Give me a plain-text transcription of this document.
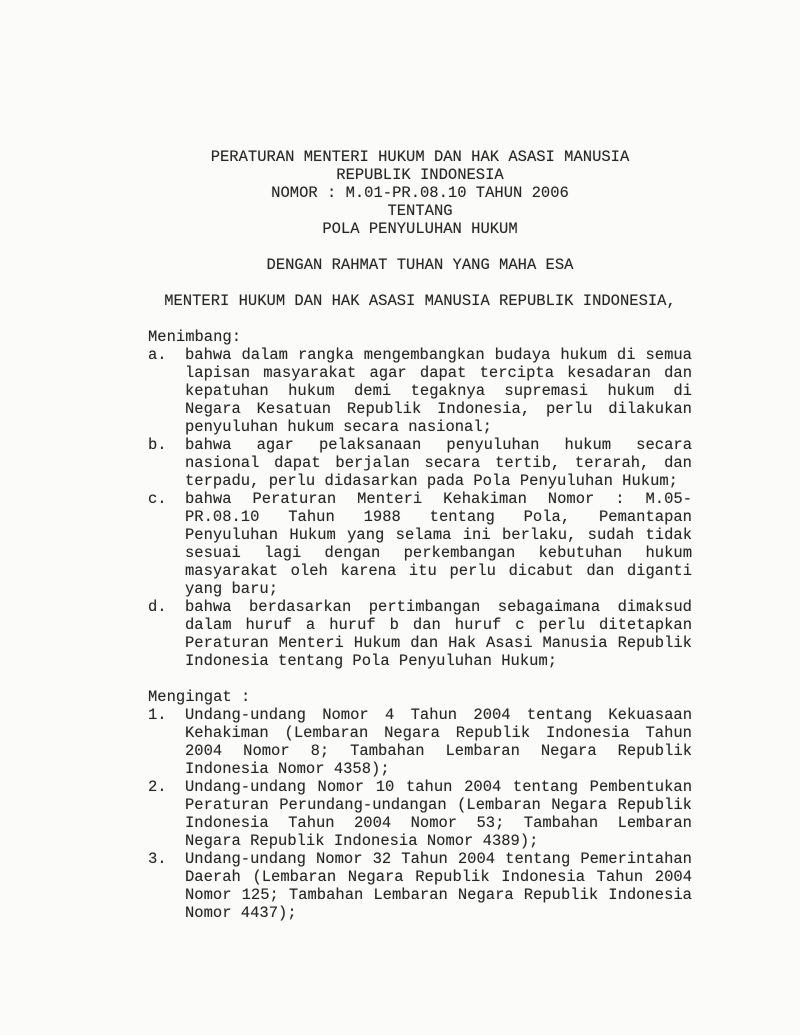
PERATURAN MENTERI HUKUM DAN HAK ASASI MANUSIA
REPUBLIK INDONESIA
NOMOR : M.01-PR.08.10 TAHUN 2006
TENTANG
POLA PENYULUHAN HUKUM
DENGAN RAHMAT TUHAN YANG MAHA ESA
MENTERI HUKUM DAN HAK ASASI MANUSIA REPUBLIK INDONESIA,
Menimbang:
a.	bahwa dalam rangka mengembangkan budaya hukum di semua lapisan masyarakat agar dapat tercipta kesadaran dan kepatuhan hukum demi tegaknya supremasi hukum di Negara Kesatuan Republik Indonesia, perlu dilakukan penyuluhan hukum secara nasional;
b.	bahwa agar pelaksanaan penyuluhan hukum secara nasional dapat berjalan secara tertib, terarah, dan terpadu, perlu didasarkan pada Pola Penyuluhan Hukum;
c.	bahwa Peraturan Menteri Kehakiman Nomor : M.05-PR.08.10 Tahun 1988 tentang Pola, Pemantapan Penyuluhan Hukum yang selama ini berlaku, sudah tidak sesuai lagi dengan perkembangan kebutuhan hukum masyarakat oleh karena itu perlu dicabut dan diganti yang baru;
d.	bahwa berdasarkan pertimbangan sebagaimana dimaksud dalam huruf a huruf b dan huruf c perlu ditetapkan Peraturan Menteri Hukum dan Hak Asasi Manusia Republik Indonesia tentang Pola Penyuluhan Hukum;
Mengingat :
1.	Undang-undang Nomor 4 Tahun 2004 tentang Kekuasaan Kehakiman (Lembaran Negara Republik Indonesia Tahun 2004 Nomor 8; Tambahan Lembaran Negara Republik Indonesia Nomor 4358);
2.	Undang-undang Nomor 10 tahun 2004 tentang Pembentukan Peraturan Perundang-undangan (Lembaran Negara Republik Indonesia Tahun 2004 Nomor 53; Tambahan Lembaran Negara Republik Indonesia Nomor 4389);
3.	Undang-undang Nomor 32 Tahun 2004 tentang Pemerintahan Daerah (Lembaran Negara Republik Indonesia Tahun 2004 Nomor 125; Tambahan Lembaran Negara Republik Indonesia Nomor 4437);
